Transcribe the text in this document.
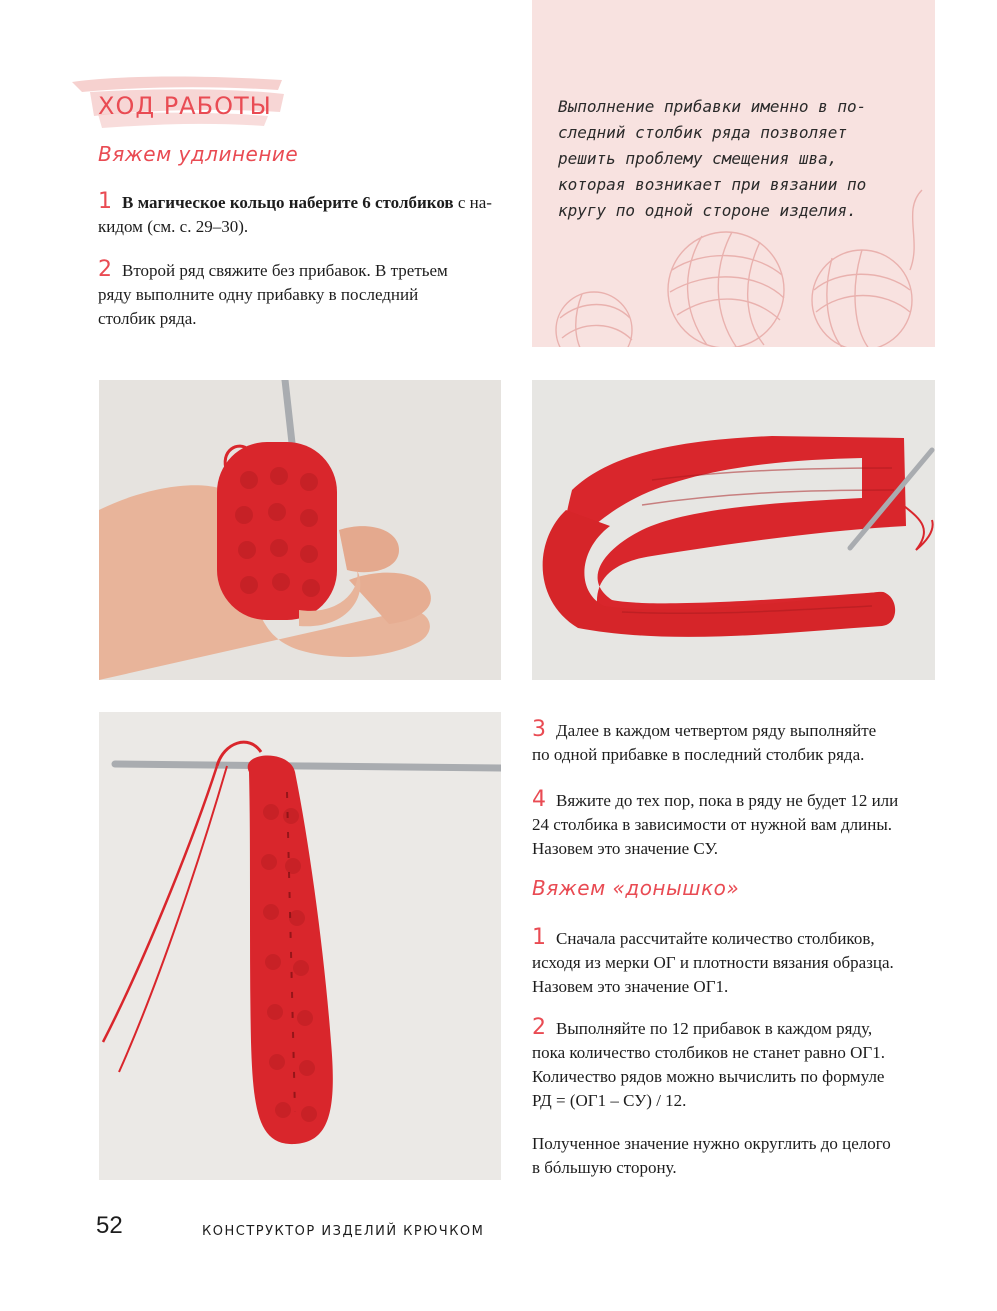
ХОД РАБОТЫ
Вяжем удлинение
1 В магическое кольцо наберите 6 столбиков с на-
кидом (см. с. 29–30).
2 Второй ряд свяжите без прибавок. В третьем
ряду выполните одну прибавку в последний
столбик ряда.
Выполнение прибавки именно в по-
следний столбик ряда позволяет
решить проблему смещения шва,
которая возникает при вязании по
кругу по одной стороне изделия.
3 Далее в каждом четвертом ряду выполняйте
по одной прибавке в последний столбик ряда.
4 Вяжите до тех пор, пока в ряду не будет 12 или
24 столбика в зависимости от нужной вам длины.
Назовем это значение СУ.
Вяжем «донышко»
1 Сначала рассчитайте количество столбиков,
исходя из мерки ОГ и плотности вязания образца.
Назовем это значение ОГ1.
2 Выполняйте по 12 прибавок в каждом ряду,
пока количество столбиков не станет равно ОГ1.
Количество рядов можно вычислить по формуле
РД = (ОГ1 – СУ) / 12.
Полученное значение нужно округлить до целого
в бóльшую сторону.
52	КОНСТРУКТОР ИЗДЕЛИЙ КРЮЧКОМ
